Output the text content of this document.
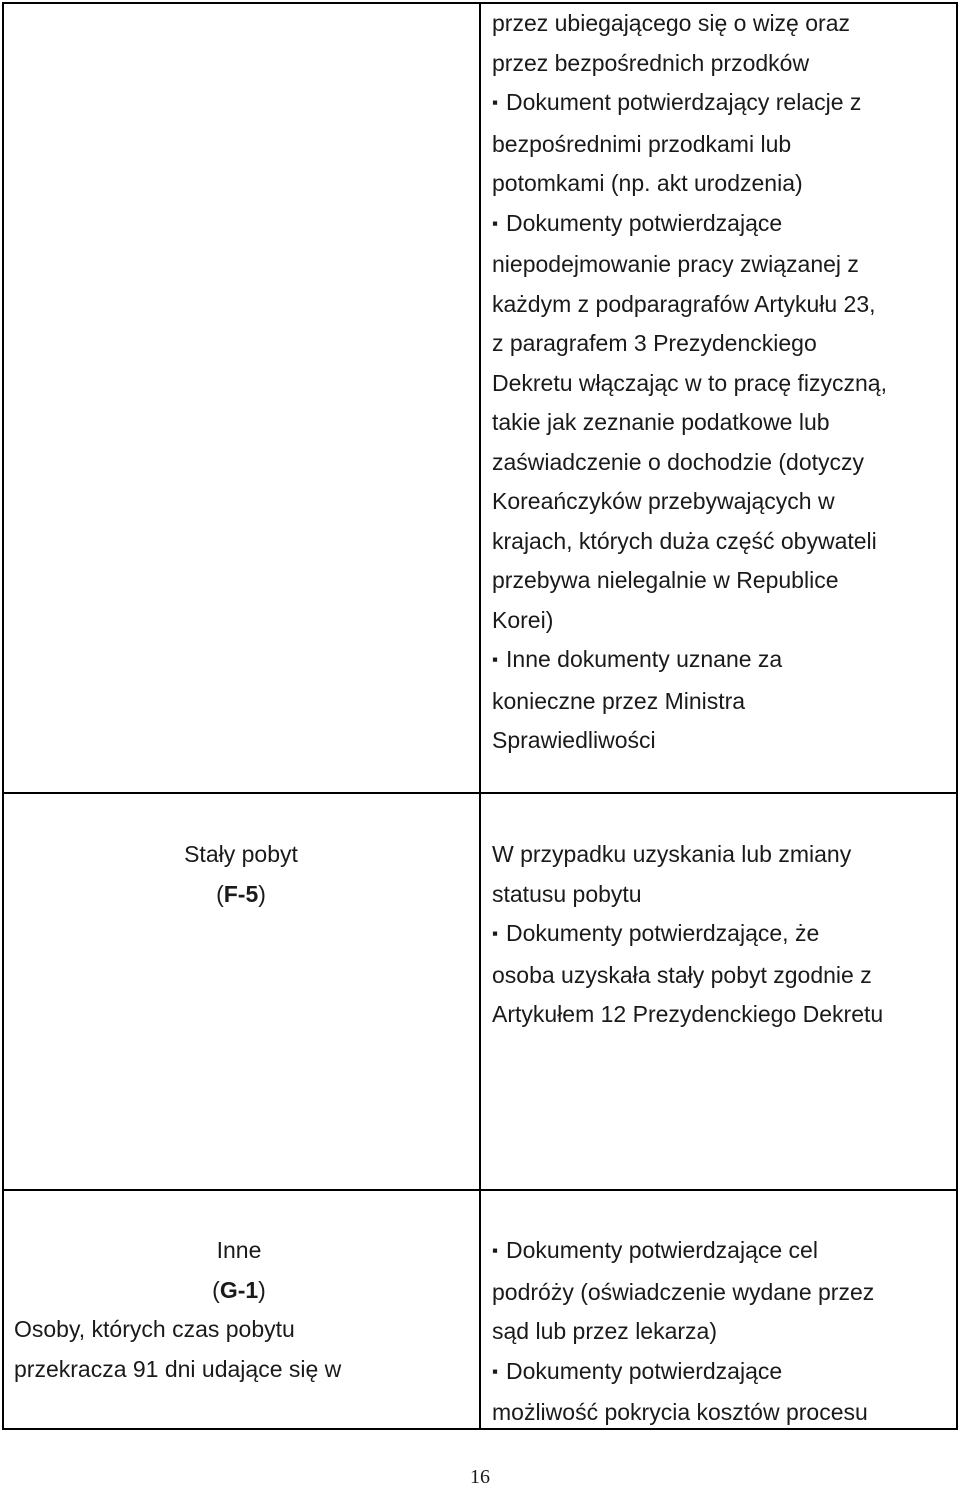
przez ubiegającego się o wizę oraz
przez bezpośrednich przodków
▪ Dokument potwierdzający relacje z
bezpośrednimi przodkami lub
potomkami (np. akt urodzenia)
▪ Dokumenty potwierdzające
niepodejmowanie pracy związanej z
każdym z podparagrafów Artykułu 23,
z paragrafem 3 Prezydenckiego
Dekretu włączając w to pracę fizyczną,
takie jak zeznanie podatkowe lub
zaświadczenie o dochodzie (dotyczy
Koreańczyków przebywających w
krajach, których duża część obywateli
przebywa nielegalnie w Republice
Korei)
▪ Inne dokumenty uznane za
konieczne przez Ministra
Sprawiedliwości
Stały pobyt
(F-5)
W przypadku uzyskania lub zmiany
statusu pobytu
▪ Dokumenty potwierdzające, że
osoba uzyskała stały pobyt zgodnie z
Artykułem 12 Prezydenckiego Dekretu
Inne
(G-1)
Osoby, których czas pobytu
przekracza 91 dni udające się w
▪ Dokumenty potwierdzające cel
podróży (oświadczenie wydane przez
sąd lub przez lekarza)
▪ Dokumenty potwierdzające
możliwość pokrycia kosztów procesu
16
